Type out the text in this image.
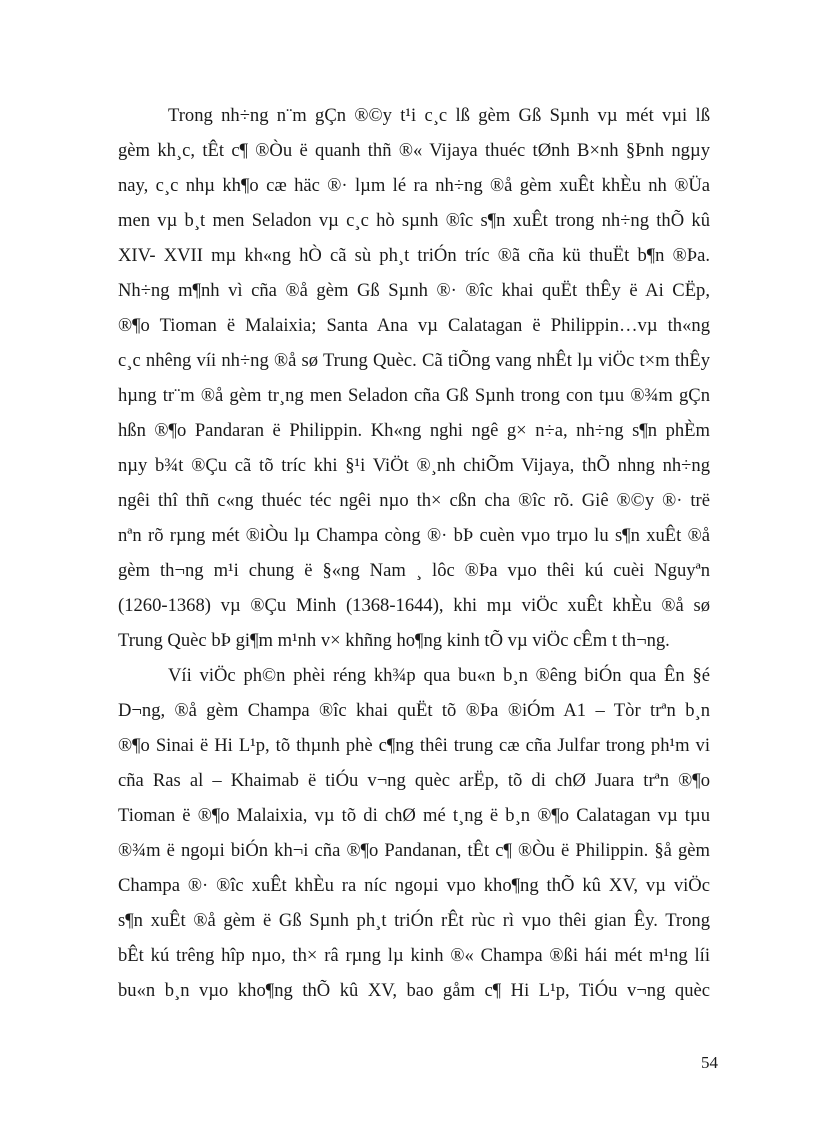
Trong nh÷ng n¨m gÇn ®©y t¹i c¸c lß gèm Gß Sµnh vµ mét vµi lß
gèm kh¸c, tÊt c¶ ®Òu ë quanh thñ ®« Vijaya thuéc tØnh B×nh §Þnh ngµy
nay, c¸c nhµ kh¶o cæ häc ®· lµm lé ra nh÷ng ®å gèm xuÊt khÈu nh ®Üa
men vµ b¸t men Seladon vµ c¸c hò sµnh ®îc s¶n xuÊt trong nh÷ng thÕ kû
XIV- XVII mµ kh«ng hÒ cã sù ph¸t triÓn tríc ®ã cña kü thuËt b¶n ®Þa.
Nh÷ng m¶nh vì cña ®å gèm Gß Sµnh ®· ®îc khai quËt thÊy ë Ai CËp,
®¶o Tioman ë Malaixia; Santa Ana vµ Calatagan ë Philippin…vµ th«ng
c¸c nhêng víi nh÷ng ®å sø Trung Quèc. Cã tiÕng vang nhÊt lµ viÖc t×m thÊy
hµng tr¨m ®å gèm tr¸ng men Seladon cña Gß Sµnh trong con tµu ®¾m gÇn
hßn ®¶o Pandaran ë Philippin. Kh«ng nghi ngê g× n÷a, nh÷ng s¶n phÈm
nµy b¾t ®Çu cã tõ tríc khi §¹i ViÖt ®¸nh chiÕm Vijaya, thÕ nhng nh÷ng
ngêi thî thñ c«ng thuéc téc ngêi nµo th× cßn cha ®îc rõ. Giê ®©y ®· trë
nªn rõ rµng mét ®iÒu lµ Champa còng ®· bÞ cuèn vµo trµo lu s¶n xuÊt ®å
gèm th¬ng m¹i chung ë §«ng Nam ¸ lôc ®Þa vµo thêi kú cuèi Nguyªn
(1260-1368) vµ ®Çu Minh (1368-1644), khi mµ viÖc xuÊt khÈu ®å sø
Trung Quèc bÞ gi¶m m¹nh v× khñng ho¶ng kinh tÕ vµ viÖc cÊm t th¬ng.
Víi viÖc ph©n phèi réng kh¾p qua bu«n b¸n ®êng biÓn qua Ên §é
D¬ng, ®å gèm Champa ®îc khai quËt tõ ®Þa ®iÓm A1 – Tòr trªn b¸n
®¶o Sinai ë Hi L¹p, tõ thµnh phè c¶ng thêi trung cæ cña Julfar trong ph¹m vi
cña Ras al – Khaimab ë tiÓu v¬ng quèc arËp, tõ di chØ Juara trªn ®¶o
Tioman ë ®¶o Malaixia, vµ tõ di chØ mé t¸ng ë b¸n ®¶o Calatagan vµ tµu
®¾m ë ngoµi biÓn kh¬i cña ®¶o Pandanan, tÊt c¶ ®Òu ë Philippin. §å gèm
Champa ®· ®îc xuÊt khÈu ra níc ngoµi vµo kho¶ng thÕ kû XV, vµ viÖc
s¶n xuÊt ®å gèm ë Gß Sµnh ph¸t triÓn rÊt rùc rì vµo thêi gian Êy. Trong
bÊt kú trêng hîp nµo, th× râ rµng lµ kinh ®« Champa ®ßi hái mét m¹ng líi
bu«n b¸n vµo kho¶ng thÕ kû XV, bao gåm c¶ Hi L¹p, TiÓu v¬ng quèc
54
